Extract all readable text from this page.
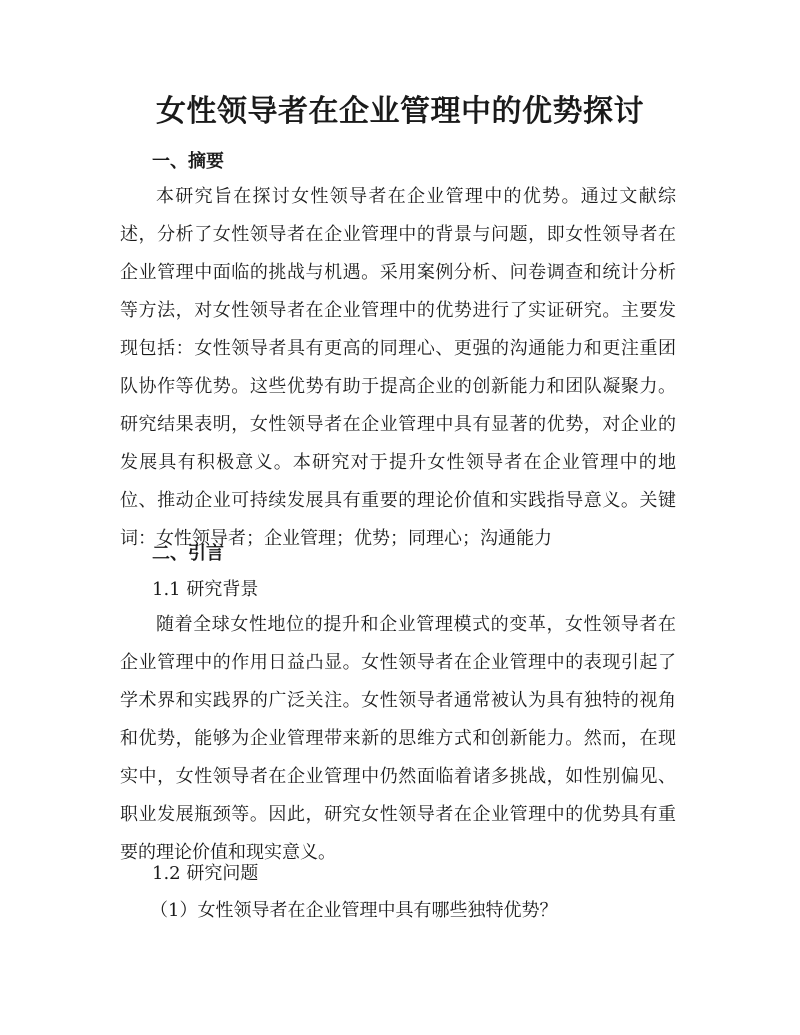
女性领导者在企业管理中的优势探讨
一、摘要

本研究旨在探讨女性领导者在企业管理中的优势。通过文献综述，分析了女性领导者在企业管理中的背景与问题，即女性领导者在企业管理中面临的挑战与机遇。采用案例分析、问卷调查和统计分析等方法，对女性领导者在企业管理中的优势进行了实证研究。主要发现包括：女性领导者具有更高的同理心、更强的沟通能力和更注重团队协作等优势。这些优势有助于提高企业的创新能力和团队凝聚力。研究结果表明，女性领导者在企业管理中具有显著的优势，对企业的发展具有积极意义。本研究对于提升女性领导者在企业管理中的地位、推动企业可持续发展具有重要的理论价值和实践指导意义。关键词：女性领导者；企业管理；优势；同理心；沟通能力

二、引言
1.1 研究背景

随着全球女性地位的提升和企业管理模式的变革，女性领导者在企业管理中的作用日益凸显。女性领导者在企业管理中的表现引起了学术界和实践界的广泛关注。女性领导者通常被认为具有独特的视角和优势，能够为企业管理带来新的思维方式和创新能力。然而，在现实中，女性领导者在企业管理中仍然面临着诸多挑战，如性别偏见、职业发展瓶颈等。因此，研究女性领导者在企业管理中的优势具有重要的理论价值和现实意义。

1.2 研究问题
（1）女性领导者在企业管理中具有哪些独特优势？
